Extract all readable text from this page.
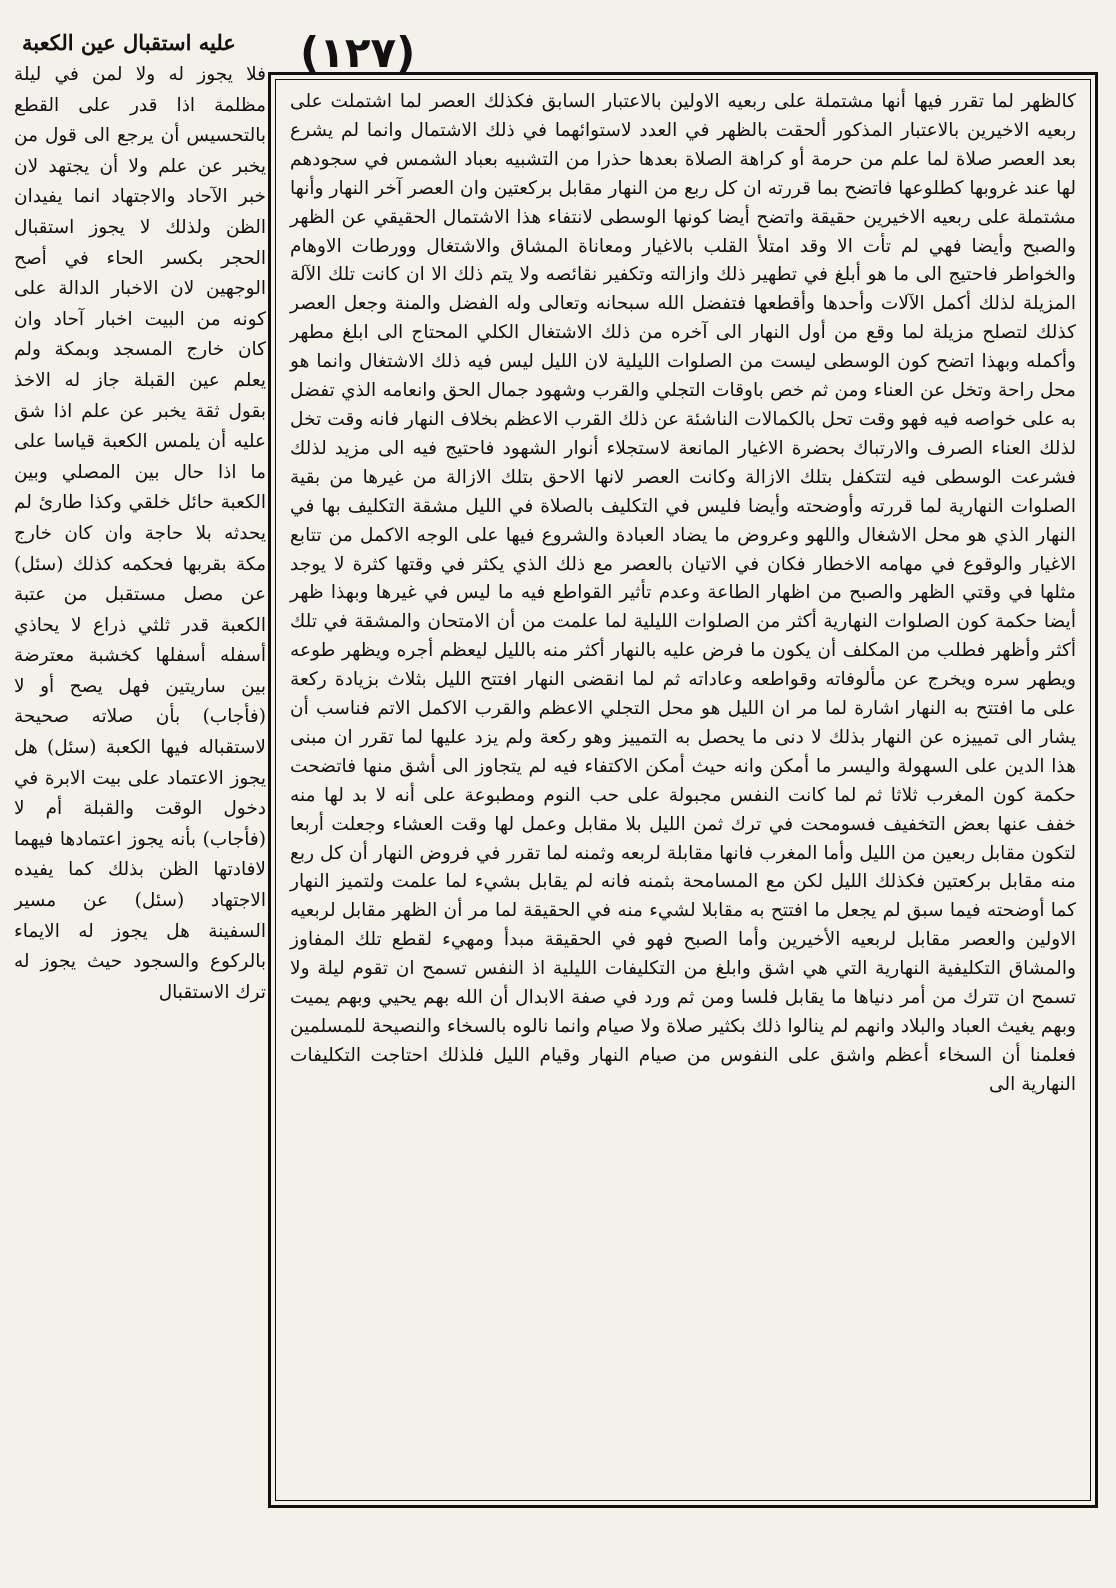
عليه استقبال عين الكعبة	(۱۲۷)
فلا يجوز له ولا لمن في ليلة مظلمة اذا قدر على القطع بالتحسيس أن يرجع الى قول من يخبر عن علم ولا أن يجتهد لان خبر الآحاد والاجتهاد انما يفيدان الظن ولذلك لا يجوز استقبال الحجر بكسر الحاء في أصح الوجهين لان الاخبار الدالة على كونه من البيت اخبار آحاد وان كان خارج المسجد وبمكة ولم يعلم عين القبلة جاز له الاخذ بقول ثقة يخبر عن علم اذا شق عليه أن يلمس الكعبة قياسا على ما اذا حال بين المصلي وبين الكعبة حائل خلقي وكذا طارئ لم يحدثه بلا حاجة وان كان خارج مكة بقربها فحكمه كذلك (سئل) عن مصل مستقبل من عتبة الكعبة قدر ثلثي ذراع لا يحاذي أسفله أسفلها كخشبة معترضة بين ساريتين فهل يصح أو لا (فأجاب) بأن صلاته صحيحة لاستقباله فيها الكعبة (سئل) هل يجوز الاعتماد على بيت الابرة في دخول الوقت والقبلة أم لا (فأجاب) بأنه يجوز اعتمادها فيهما لافادتها الظن بذلك كما يفيده الاجتهاد (سئل) عن مسير السفينة هل يجوز له الايماء بالركوع والسجود حيث يجوز له ترك الاستقبال
كالظهر لما تقرر فيها أنها مشتملة على ربعيه الاولين بالاعتبار السابق فكذلك العصر لما اشتملت على ربعيه الاخيرين بالاعتبار المذكور ألحقت بالظهر في العدد لاستوائهما في ذلك الاشتمال وانما لم يشرع بعد العصر صلاة لما علم من حرمة أو كراهة الصلاة بعدها حذرا من التشبيه بعباد الشمس في سجودهم لها عند غروبها كطلوعها فاتضح بما قررته ان كل ربع من النهار مقابل بركعتين وان العصر آخر النهار وأنها مشتملة على ربعيه الاخيرين حقيقة واتضح أيضا كونها الوسطى لانتفاء هذا الاشتمال الحقيقي عن الظهر والصبح وأيضا فهي لم تأت الا وقد امتلأ القلب بالاغيار ومعاناة المشاق والاشتغال وورطات الاوهام والخواطر فاحتيج الى ما هو أبلغ في تطهير ذلك وازالته وتكفير نقائصه ولا يتم ذلك الا ان كانت تلك الآلة المزيلة لذلك أكمل الآلات وأحدها وأقطعها فتفضل الله سبحانه وتعالى وله الفضل والمنة وجعل العصر كذلك لتصلح مزيلة لما وقع من أول النهار الى آخره من ذلك الاشتغال الكلي المحتاج الى ابلغ مطهر وأكمله وبهذا اتضح كون الوسطى ليست من الصلوات الليلية لان الليل ليس فيه ذلك الاشتغال وانما هو محل راحة وتخل عن العناء ومن ثم خص باوقات التجلي والقرب وشهود جمال الحق وانعامه الذي تفضل به على خواصه فيه فهو وقت تحل بالكمالات الناشئة عن ذلك القرب الاعظم بخلاف النهار فانه وقت تخل لذلك العناء الصرف والارتباك بحضرة الاغيار المانعة لاستجلاء أنوار الشهود فاحتيج فيه الى مزيد لذلك فشرعت الوسطى فيه لتتكفل بتلك الازالة وكانت العصر لانها الاحق بتلك الازالة من غيرها من بقية الصلوات النهارية لما قررته وأوضحته وأيضا فليس في التكليف بالصلاة في الليل مشقة التكليف بها في النهار الذي هو محل الاشغال واللهو وعروض ما يضاد العبادة والشروع فيها على الوجه الاكمل من تتابع الاغيار والوقوع في مهامه الاخطار فكان في الاتيان بالعصر مع ذلك الذي يكثر في وقتها كثرة لا يوجد مثلها في وقتي الظهر والصبح من اظهار الطاعة وعدم تأثير القواطع فيه ما ليس في غيرها وبهذا ظهر أيضا حكمة كون الصلوات النهارية أكثر من الصلوات الليلية لما علمت من أن الامتحان والمشقة في تلك أكثر وأظهر فطلب من المكلف أن يكون ما فرض عليه بالنهار أكثر منه بالليل ليعظم أجره ويظهر طوعه ويطهر سره ويخرج عن مألوفاته وقواطعه وعاداته ثم لما انقضى النهار افتتح الليل بثلاث بزيادة ركعة على ما افتتح به النهار اشارة لما مر ان الليل هو محل التجلي الاعظم والقرب الاكمل الاتم فناسب أن يشار الى تمييزه عن النهار بذلك لا دنى ما يحصل به التمييز وهو ركعة ولم يزد عليها لما تقرر ان مبنى هذا الدين على السهولة واليسر ما أمكن وانه حيث أمكن الاكتفاء فيه لم يتجاوز الى أشق منها فاتضحت حكمة كون المغرب ثلاثا ثم لما كانت النفس مجبولة على حب النوم ومطبوعة على أنه لا بد لها منه خفف عنها بعض التخفيف فسومحت في ترك ثمن الليل بلا مقابل وعمل لها وقت العشاء وجعلت أربعا لتكون مقابل ربعين من الليل وأما المغرب فانها مقابلة لربعه وثمنه لما تقرر في فروض النهار أن كل ربع منه مقابل بركعتين فكذلك الليل لكن مع المسامحة بثمنه فانه لم يقابل بشيء لما علمت ولتميز النهار كما أوضحته فيما سبق لم يجعل ما افتتح به مقابلا لشيء منه في الحقيقة لما مر أن الظهر مقابل لربعيه الاولين والعصر مقابل لربعيه الأخيرين وأما الصبح فهو في الحقيقة مبدأ ومهيء لقطع تلك المفاوز والمشاق التكليفية النهارية التي هي اشق وابلغ من التكليفات الليلية اذ النفس تسمح ان تقوم ليلة ولا تسمح ان تترك من أمر دنياها ما يقابل فلسا ومن ثم ورد في صفة الابدال أن الله بهم يحيي وبهم يميت وبهم يغيث العباد والبلاد وانهم لم ينالوا ذلك بكثير صلاة ولا صيام وانما نالوه بالسخاء والنصيحة للمسلمين فعلمنا أن السخاء أعظم واشق على النفوس من صيام النهار وقيام الليل فلذلك احتاجت التكليفات النهارية الى
